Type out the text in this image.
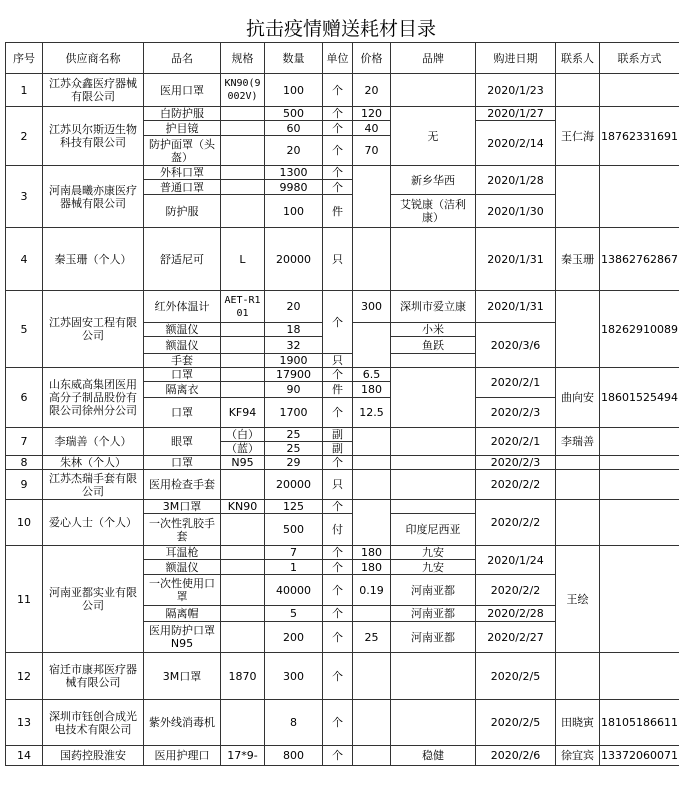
抗击疫情赠送耗材目录
序号	供应商名称	品名	规格	数量	单位	价格	品牌	购进日期	联系人	联系方式
1	江苏众鑫医疗器械有限公司	医用口罩	KN90(9002V)	100	个	20		2020/1/23		
2	江苏贝尔斯迈生物科技有限公司	白防护服		500	个	120	无	2020/1/27	王仁海	18762331691
		护目镜		60	个	40		2020/2/14		
		防护面罩（头盔）		20	个	70				
3	河南晨曦亦康医疗器械有限公司	外科口罩		1300	个		新乡华西	2020/1/28		
		普通口罩		9980	个					
		防护服		100	件		艾锐康（洁利康）	2020/1/30		
4	秦玉珊（个人）	舒适尼可	L	20000	只			2020/1/31	秦玉珊	13862762867
5	江苏固安工程有限公司	红外体温计	AET-R101	20	个	300	深圳市爱立康	2020/1/31		18262910089
		额温仪		18			小米	2020/3/6		
		额温仪		32			鱼跃			
		手套		1900	只					
6	山东威高集团医用高分子制品股份有限公司徐州分公司	口罩		17900	个	6.5		2020/2/1	曲向安	18601525494
		隔离衣		90	件	180				
		口罩	KF94	1700	个	12.5		2020/2/3		
7	李瑞善（个人）	眼罩	（白）	25	副			2020/2/1	李瑞善	
			（蓝）	25	副					
8	朱林（个人）	口罩	N95	29	个			2020/2/3		
9	江苏杰瑞手套有限公司	医用检查手套		20000	只			2020/2/2		
10	爱心人士（个人）	3M口罩	KN90	125	个			2020/2/2		
		一次性乳胶手套		500	付		印度尼西亚			
11	河南亚都实业有限公司	耳温枪		7	个	180	九安	2020/1/24	王绘	
		额温仪		1	个	180	九安			
		一次性使用口罩		40000	个	0.19	河南亚都	2020/2/2		
		隔离帽		5	个		河南亚都	2020/2/28		
		医用防护口罩 N95		200	个	25	河南亚都	2020/2/27		
12	宿迁市康邦医疗器械有限公司	3M口罩	1870	300	个			2020/2/5		
13	深圳市钰创合成光电技术有限公司	紫外线消毒机		8	个			2020/2/5	田晓寅	18105186611
14	国药控股淮安	医用护理口	17*9-	800	个		稳健	2020/2/6	徐宜宾	13372060071
